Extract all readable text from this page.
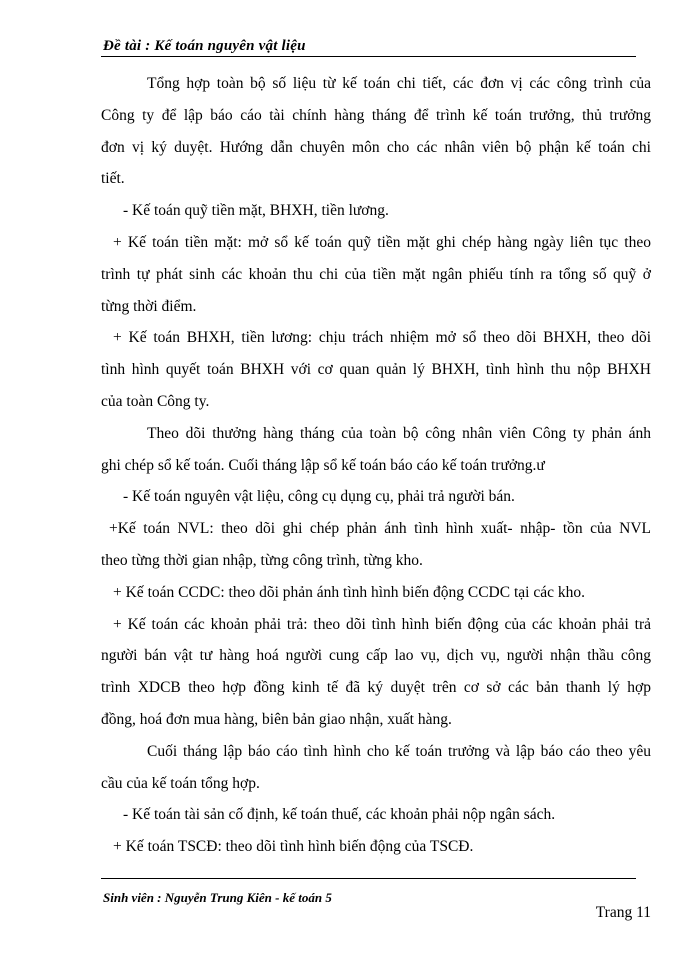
Đề tài : Kế toán nguyên vật liệu
Tổng hợp toàn bộ số liệu từ kế toán chi tiết, các đơn vị các công trình của
Công ty để lập báo cáo tài chính hàng tháng để trình kế toán trưởng, thủ trưởng
đơn vị ký duyệt. Hướng dẫn chuyên môn cho các nhân viên bộ phận kế toán chi
tiết.
- Kế toán quỹ tiền mặt, BHXH, tiền lương.
+ Kế toán tiền mặt: mở sổ kế toán quỹ tiền mặt ghi chép hàng ngày liên tục theo
trình tự phát sinh các khoản thu chi của tiền mặt ngân phiếu tính ra tổng số quỹ ở
từng thời điểm.
+ Kế toán BHXH, tiền lương: chịu trách nhiệm mở sổ theo dõi BHXH, theo dõi
tình hình quyết toán BHXH với cơ quan quản lý BHXH, tình hình thu nộp BHXH
của toàn Công ty.
Theo dõi thưởng hàng tháng của toàn bộ công nhân viên Công ty phản ánh
ghi chép sổ kế toán. Cuối tháng lập sổ kế toán báo cáo kế toán trưởng.ư
- Kế toán nguyên vật liệu, công cụ dụng cụ, phải trả người bán.
+Kế toán NVL: theo dõi ghi chép phản ánh tình hình xuất- nhập- tồn của NVL
theo từng thời gian nhập, từng công trình, từng kho.
+ Kế toán CCDC: theo dõi phản ánh tình hình biến động CCDC tại các kho.
+ Kế toán các khoản phải trả: theo dõi tình hình biến động của các khoản phải trả
người bán vật tư hàng hoá người cung cấp lao vụ, dịch vụ, người nhận thầu công
trình XDCB theo hợp đồng kinh tế đã ký duyệt trên cơ sở các bản thanh lý hợp
đồng, hoá đơn mua hàng, biên bản giao nhận, xuất hàng.
Cuối tháng lập báo cáo tình hình cho kế toán trưởng và lập báo cáo theo yêu
cầu của kế toán tổng hợp.
- Kế toán tài sản cố định, kế toán thuế, các khoản phải nộp ngân sách.
+ Kế toán TSCĐ: theo dõi tình hình biến động của TSCĐ.
Sinh viên : Nguyễn Trung Kiên - kế toán 5
Trang 11
